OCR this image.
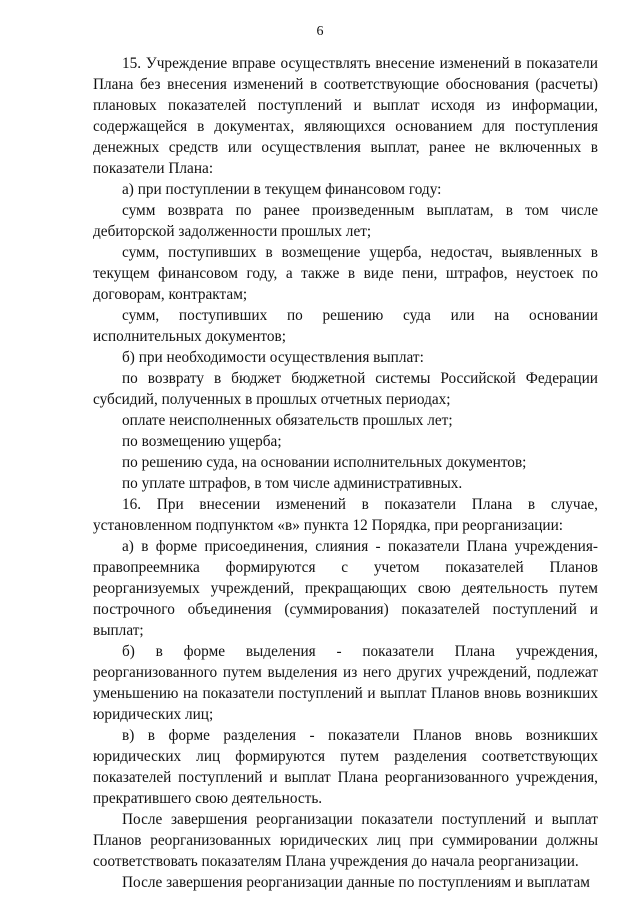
6

15. Учреждение вправе осуществлять внесение изменений в показатели Плана без внесения изменений в соответствующие обоснования (расчеты) плановых показателей поступлений и выплат исходя из информации, содержащейся в документах, являющихся основанием для поступления денежных средств или осуществления выплат, ранее не включенных в показатели Плана:

а) при поступлении в текущем финансовом году:

сумм возврата по ранее произведенным выплатам, в том числе дебиторской задолженности прошлых лет;

сумм, поступивших в возмещение ущерба, недостач, выявленных в текущем финансовом году, а также в виде пени, штрафов, неустоек по договорам, контрактам;

сумм, поступивших по решению суда или на основании исполнительных документов;

б) при необходимости осуществления выплат:

по возврату в бюджет бюджетной системы Российской Федерации субсидий, полученных в прошлых отчетных периодах;

оплате неисполненных обязательств прошлых лет;

по возмещению ущерба;

по решению суда, на основании исполнительных документов;

по уплате штрафов, в том числе административных.

16. При внесении изменений в показатели Плана в случае, установленном подпунктом «в» пункта 12 Порядка, при реорганизации:

а) в форме присоединения, слияния - показатели Плана учреждения-правопреемника формируются с учетом показателей Планов реорганизуемых учреждений, прекращающих свою деятельность путем построчного объединения (суммирования) показателей поступлений и выплат;

б) в форме выделения - показатели Плана учреждения, реорганизованного путем выделения из него других учреждений, подлежат уменьшению на показатели поступлений и выплат Планов вновь возникших юридических лиц;

в) в форме разделения - показатели Планов вновь возникших юридических лиц формируются путем разделения соответствующих показателей поступлений и выплат Плана реорганизованного учреждения, прекратившего свою деятельность.

После завершения реорганизации показатели поступлений и выплат Планов реорганизованных юридических лиц при суммировании должны соответствовать показателям Плана учреждения до начала реорганизации.

После завершения реорганизации данные по поступлениям и выплатам
